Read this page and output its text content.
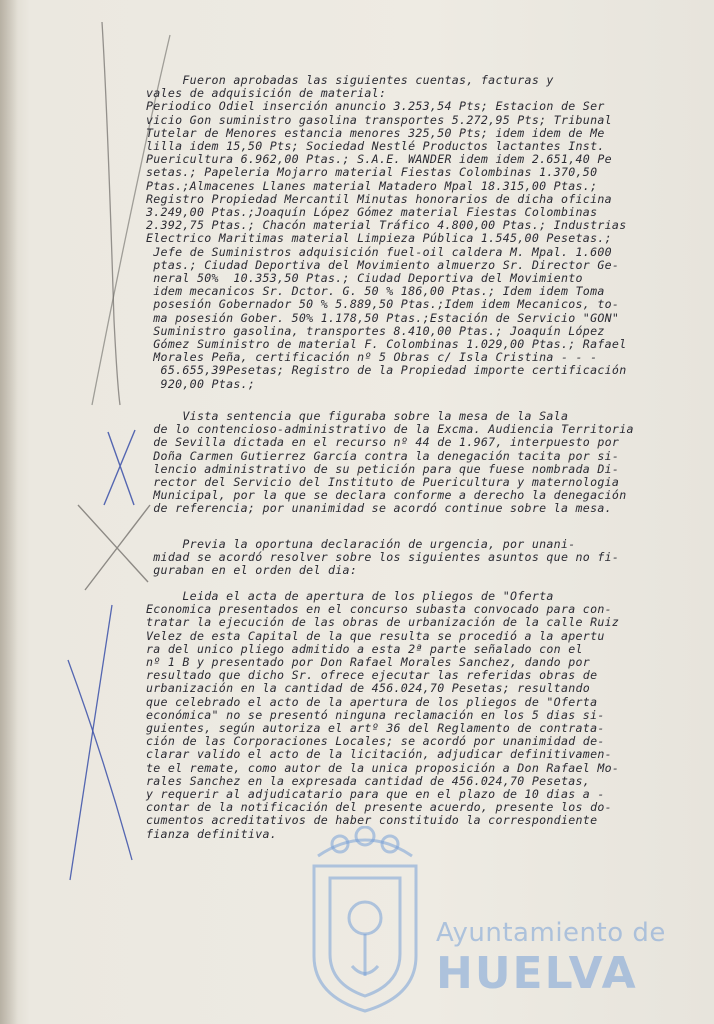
Fueron aprobadas las siguientes cuentas, facturas y
vales de adquisición de material:
Periodico Odiel inserción anuncio 3.253,54 Pts; Estacion de Ser
vicio Gon suministro gasolina transportes 5.272,95 Pts; Tribunal
Tutelar de Menores estancia menores 325,50 Pts; idem idem de Me
lilla idem 15,50 Pts; Sociedad Nestlé Productos lactantes Inst.
Puericultura 6.962,00 Ptas.; S.A.E. WANDER idem idem 2.651,40 Pe
setas.; Papeleria Mojarro material Fiestas Colombinas 1.370,50
Ptas.;Almacenes Llanes material Matadero Mpal 18.315,00 Ptas.;
Registro Propiedad Mercantil Minutas honorarios de dicha oficina
3.249,00 Ptas.;Joaquín López Gómez material Fiestas Colombinas
2.392,75 Ptas.; Chacón material Tráfico 4.800,00 Ptas.; Industrias
Electrico Maritimas material Limpieza Pública 1.545,00 Pesetas.;
Jefe de Suministros adquisición fuel-oil caldera M. Mpal. 1.600
ptas.; Ciudad Deportiva del Movimiento almuerzo Sr. Director Ge-
neral 50%  10.353,50 Ptas.; Ciudad Deportiva del Movimiento
idem mecanicos Sr. Dctor. G. 50 % 186,00 Ptas.; Idem idem Toma
posesión Gobernador 50 % 5.889,50 Ptas.;Idem idem Mecanicos, to-
ma posesión Gober. 50% 1.178,50 Ptas.;Estación de Servicio "GON"
Suministro gasolina, transportes 8.410,00 Ptas.; Joaquín López
Gómez Suministro de material F. Colombinas 1.029,00 Ptas.; Rafael
Morales Peña, certificación nº 5 Obras c/ Isla Cristina - - -
65.655,39Pesetas; Registro de la Propiedad importe certificación
920,00 Ptas.;
Vista sentencia que figuraba sobre la mesa de la Sala
de lo contencioso-administrativo de la Excma. Audiencia Territoria
de Sevilla dictada en el recurso nº 44 de 1.967, interpuesto por
Doña Carmen Gutierrez García contra la denegación tacita por si-
lencio administrativo de su petición para que fuese nombrada Di-
rector del Servicio del Instituto de Puericultura y maternologia
Municipal, por la que se declara conforme a derecho la denegación
de referencia; por unanimidad se acordó continue sobre la mesa.
Previa la oportuna declaración de urgencia, por unani-
midad se acordó resolver sobre los siguientes asuntos que no fi-
guraban en el orden del dia:
Leida el acta de apertura de los pliegos de "Oferta
Economica presentados en el concurso subasta convocado para con-
tratar la ejecución de las obras de urbanización de la calle Ruiz
Velez de esta Capital de la que resulta se procedió a la apertu
ra del unico pliego admitido a esta 2ª parte señalado con el
nº 1 B y presentado por Don Rafael Morales Sanchez, dando por
resultado que dicho Sr. ofrece ejecutar las referidas obras de
urbanización en la cantidad de 456.024,70 Pesetas; resultando
que celebrado el acto de la apertura de los pliegos de "Oferta
económica" no se presentó ninguna reclamación en los 5 dias si-
guientes, según autoriza el artº 36 del Reglamento de contrata-
ción de las Corporaciones Locales; se acordó por unanimidad de-
clarar valido el acto de la licitación, adjudicar definitivamen-
te el remate, como autor de la unica proposición a Don Rafael Mo-
rales Sanchez en la expresada cantidad de 456.024,70 Pesetas,
y requerir al adjudicatario para que en el plazo de 10 dias a -
contar de la notificación del presente acuerdo, presente los do-
cumentos acreditativos de haber constituido la correspondiente
fianza definitiva.
Ayuntamiento de
HUELVA
